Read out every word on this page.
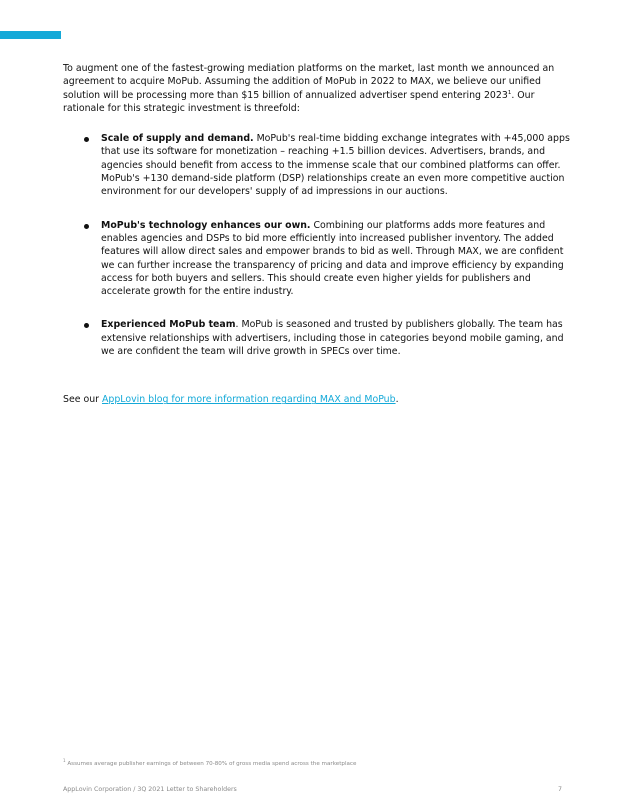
To augment one of the fastest-growing mediation platforms on the market, last month we announced an agreement to acquire MoPub. Assuming the addition of MoPub in 2022 to MAX, we believe our unified solution will be processing more than $15 billion of annualized advertiser spend entering 2023$^1$. Our rationale for this strategic investment is threefold:

Scale of supply and demand. MoPub's real-time bidding exchange integrates with +45,000 apps that use its software for monetization – reaching +1.5 billion devices. Advertisers, brands, and agencies should benefit from access to the immense scale that our combined platforms can offer. MoPub's +130 demand-side platform (DSP) relationships create an even more competitive auction environment for our developers' supply of ad impressions in our auctions.
MoPub's technology enhances our own. Combining our platforms adds more features and enables agencies and DSPs to bid more efficiently into increased publisher inventory. The added features will allow direct sales and empower brands to bid as well. Through MAX, we are confident we can further increase the transparency of pricing and data and improve efficiency by expanding access for both buyers and sellers. This should create even higher yields for publishers and accelerate growth for the entire industry.
Experienced MoPub team. MoPub is seasoned and trusted by publishers globally. The team has extensive relationships with advertisers, including those in categories beyond mobile gaming, and we are confident the team will drive growth in SPECs over time.

See our AppLovin blog for more information regarding MAX and MoPub.

$^1$ Assumes average publisher earnings of between 70-80% of gross media spend across the marketplace
AppLovin Corporation / 3Q 2021 Letter to Shareholders	7
